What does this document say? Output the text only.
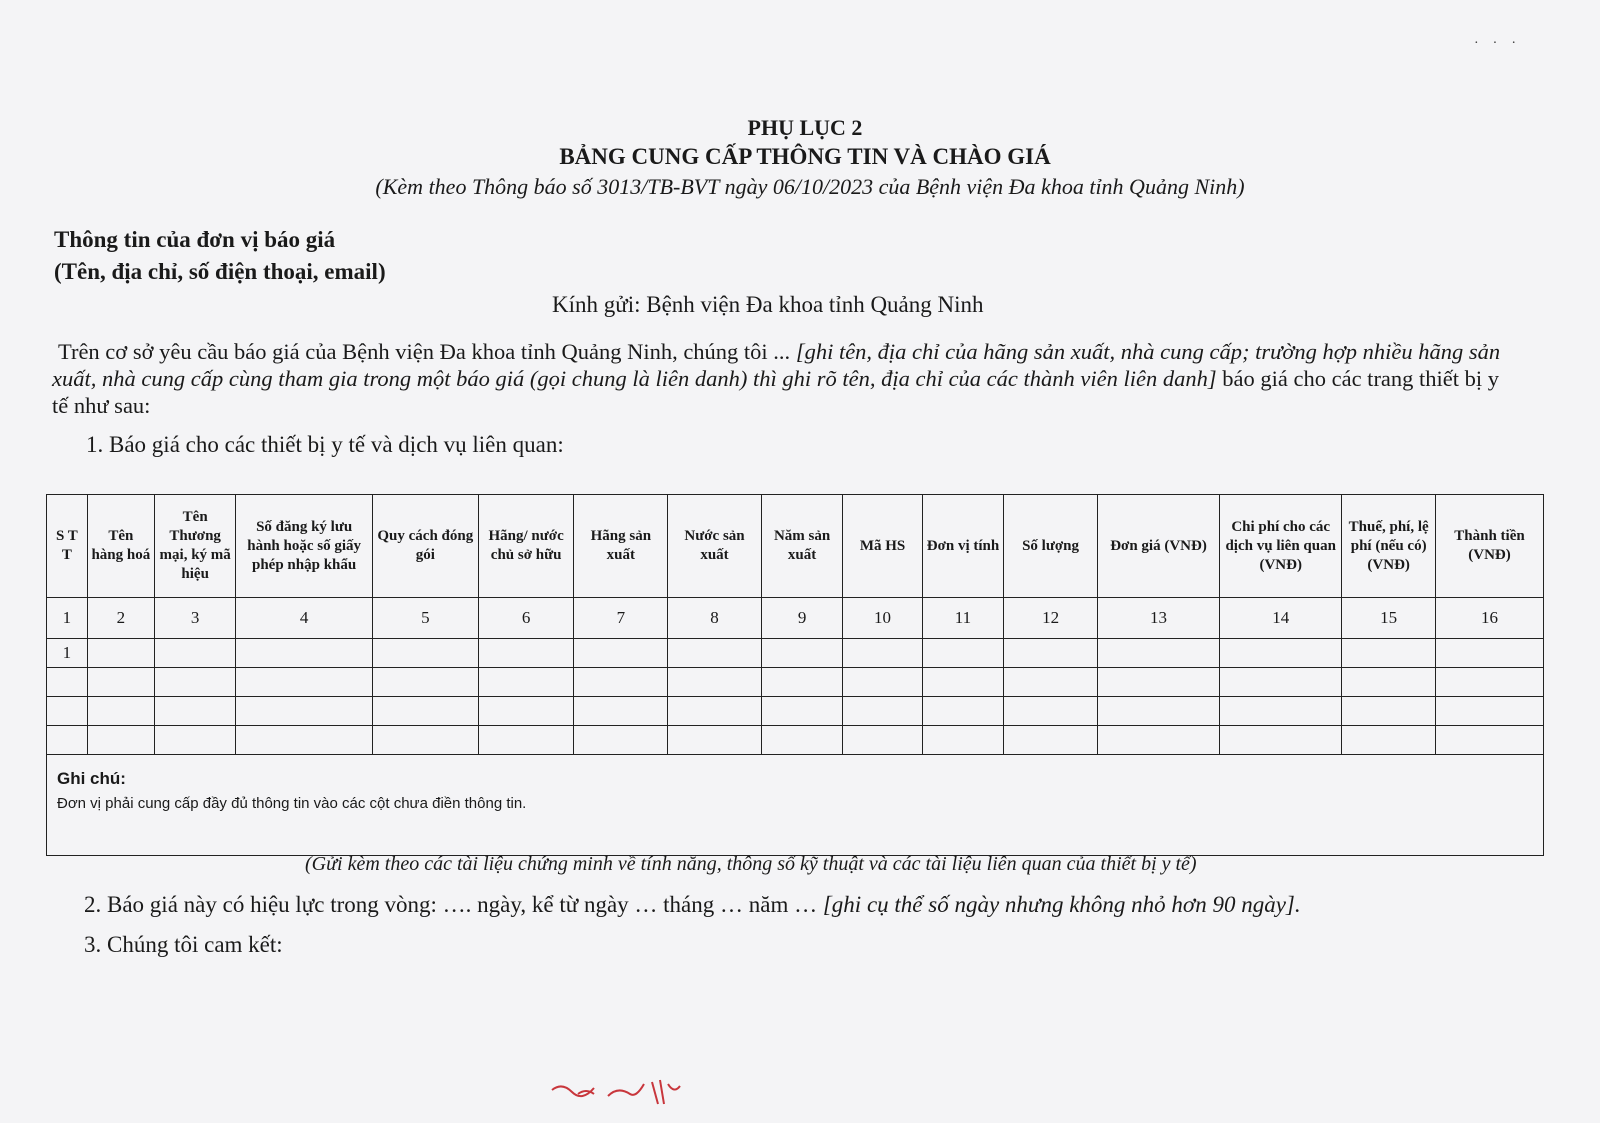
···
PHỤ LỤC 2
BẢNG CUNG CẤP THÔNG TIN VÀ CHÀO GIÁ
(Kèm theo Thông báo số 3013/TB-BVT ngày 06/10/2023 của Bệnh viện Đa khoa tỉnh Quảng Ninh)
Thông tin của đơn vị báo giá
(Tên, địa chỉ, số điện thoại, email)
Kính gửi: Bệnh viện Đa khoa tỉnh Quảng Ninh
Trên cơ sở yêu cầu báo giá của Bệnh viện Đa khoa tỉnh Quảng Ninh, chúng tôi ... [ghi tên, địa chỉ của hãng sản xuất, nhà cung cấp; trường hợp nhiều hãng sản xuất, nhà cung cấp cùng tham gia trong một báo giá (gọi chung là liên danh) thì ghi rõ tên, địa chỉ của các thành viên liên danh] báo giá cho các trang thiết bị y tế như sau:
1. Báo giá cho các thiết bị y tế và dịch vụ liên quan:
S T T	Tên hàng hoá	Tên Thương mại, ký mã hiệu	Số đăng ký lưu hành hoặc số giấy phép nhập khẩu	Quy cách đóng gói	Hãng/ nước chủ sở hữu	Hãng sản xuất	Nước sản xuất	Năm sản xuất	Mã HS	Đơn vị tính	Số lượng	Đơn giá (VNĐ)	Chi phí cho các dịch vụ liên quan (VNĐ)	Thuế, phí, lệ phí (nếu có) (VNĐ)	Thành tiền (VNĐ)
1	2	3	4	5	6	7	8	9	10	11	12	13	14	15	16
1															

Ghi chú:
Đơn vị phải cung cấp đầy đủ thông tin vào các cột chưa điền thông tin.															
(Gửi kèm theo các tài liệu chứng minh về tính năng, thông số kỹ thuật và các tài liệu liên quan của thiết bị y tế)
2. Báo giá này có hiệu lực trong vòng: …. ngày, kể từ ngày … tháng … năm … [ghi cụ thể số ngày nhưng không nhỏ hơn 90 ngày].
3. Chúng tôi cam kết:
